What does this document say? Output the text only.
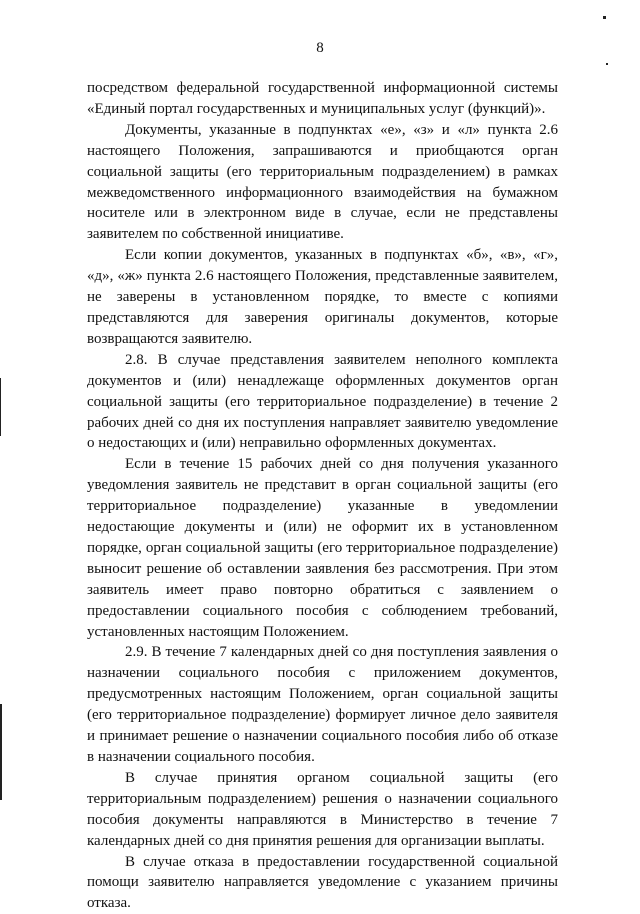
8

посредством федеральной государственной информационной системы «Единый портал государственных и муниципальных услуг (функций)».

Документы, указанные в подпунктах «е», «з» и «л» пункта 2.6 настоящего Положения, запрашиваются и приобщаются орган социальной защиты (его территориальным подразделением) в рамках межведомственного информационного взаимодействия на бумажном носителе или в электронном виде в случае, если не представлены заявителем по собственной инициативе.

Если копии документов, указанных в подпунктах «б», «в», «г», «д», «ж» пункта 2.6 настоящего Положения, представленные заявителем, не заверены в установленном порядке, то вместе с копиями представляются для заверения оригиналы документов, которые возвращаются заявителю.

2.8. В случае представления заявителем неполного комплекта документов и (или) ненадлежаще оформленных документов орган социальной защиты (его территориальное подразделение) в течение 2 рабочих дней со дня их поступления направляет заявителю уведомление о недостающих и (или) неправильно оформленных документах.

Если в течение 15 рабочих дней со дня получения указанного уведомления заявитель не представит в орган социальной защиты (его территориальное подразделение) указанные в уведомлении недостающие документы и (или) не оформит их в установленном порядке, орган социальной защиты (его территориальное подразделение) выносит решение об оставлении заявления без рассмотрения. При этом заявитель имеет право повторно обратиться с заявлением о предоставлении социального пособия с соблюдением требований, установленных настоящим Положением.

2.9. В течение 7 календарных дней со дня поступления заявления о назначении социального пособия с приложением документов, предусмотренных настоящим Положением, орган социальной защиты (его территориальное подразделение) формирует личное дело заявителя и принимает решение о назначении социального пособия либо об отказе в назначении социального пособия.

В случае принятия органом социальной защиты (его территориальным подразделением) решения о назначении социального пособия документы направляются в Министерство в течение 7 календарных дней со дня принятия решения для организации выплаты.

В случае отказа в предоставлении государственной социальной помощи заявителю направляется уведомление с указанием причины отказа.
